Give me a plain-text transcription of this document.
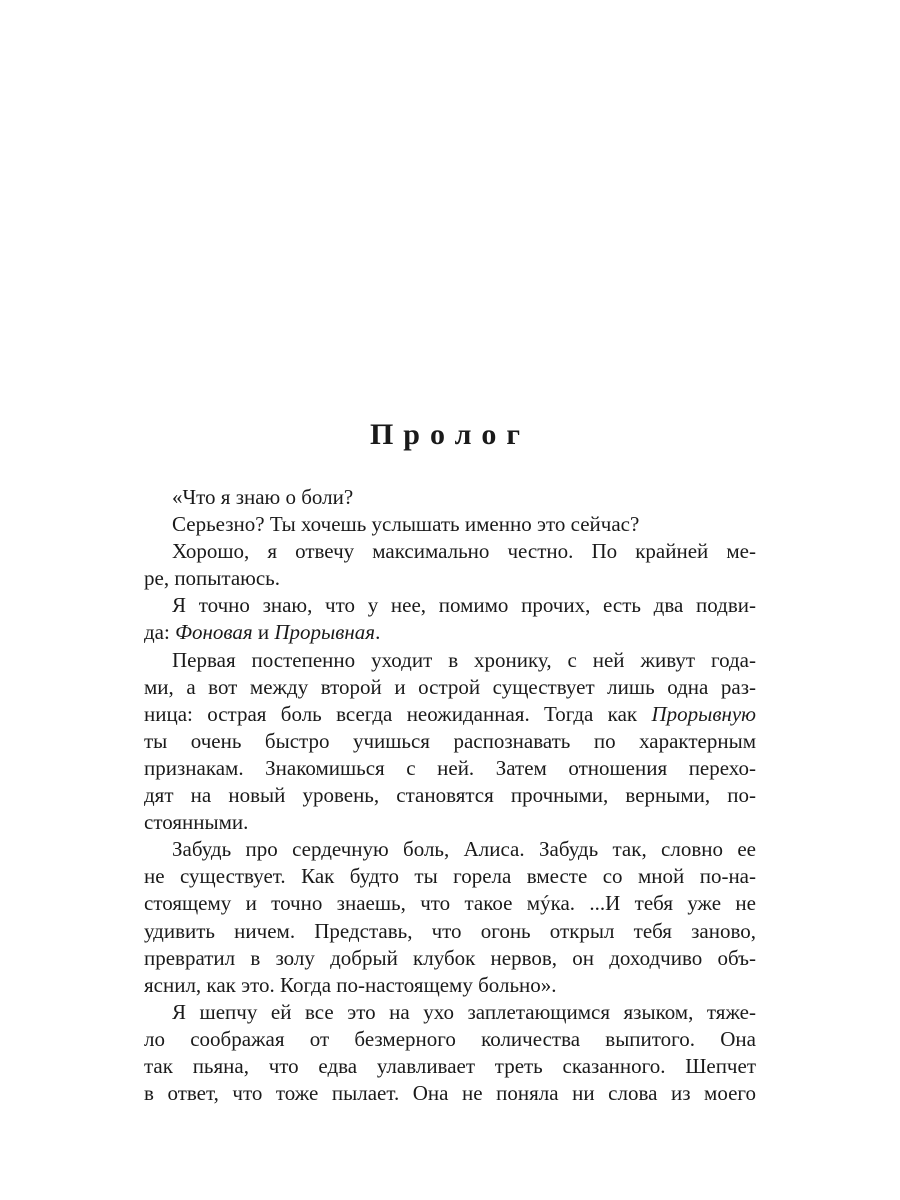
Пролог
«Что я знаю о боли?
Серьезно? Ты хочешь услышать именно это сейчас?
Хорошо, я отвечу максимально честно. По крайней ме-
ре, попытаюсь.
Я точно знаю, что у нее, помимо прочих, есть два подви-
да: Фоновая и Прорывная.
Первая постепенно уходит в хронику, с ней живут года-
ми, а вот между второй и острой существует лишь одна раз-
ница: острая боль всегда неожиданная. Тогда как Прорывную
ты очень быстро учишься распознавать по характерным
признакам. Знакомишься с ней. Затем отношения перехо-
дят на новый уровень, становятся прочными, верными, по-
стоянными.
Забудь про сердечную боль, Алиса. Забудь так, словно ее
не существует. Как будто ты горела вместе со мной по-на-
стоящему и точно знаешь, что такое мýка. ...И тебя уже не
удивить ничем. Представь, что огонь открыл тебя заново,
превратил в золу добрый клубок нервов, он доходчиво объ-
яснил, как это. Когда по-настоящему больно».
Я шепчу ей все это на ухо заплетающимся языком, тяже-
ло соображая от безмерного количества выпитого. Она
так пьяна, что едва улавливает треть сказанного. Шепчет
в ответ, что тоже пылает. Она не поняла ни слова из моего
